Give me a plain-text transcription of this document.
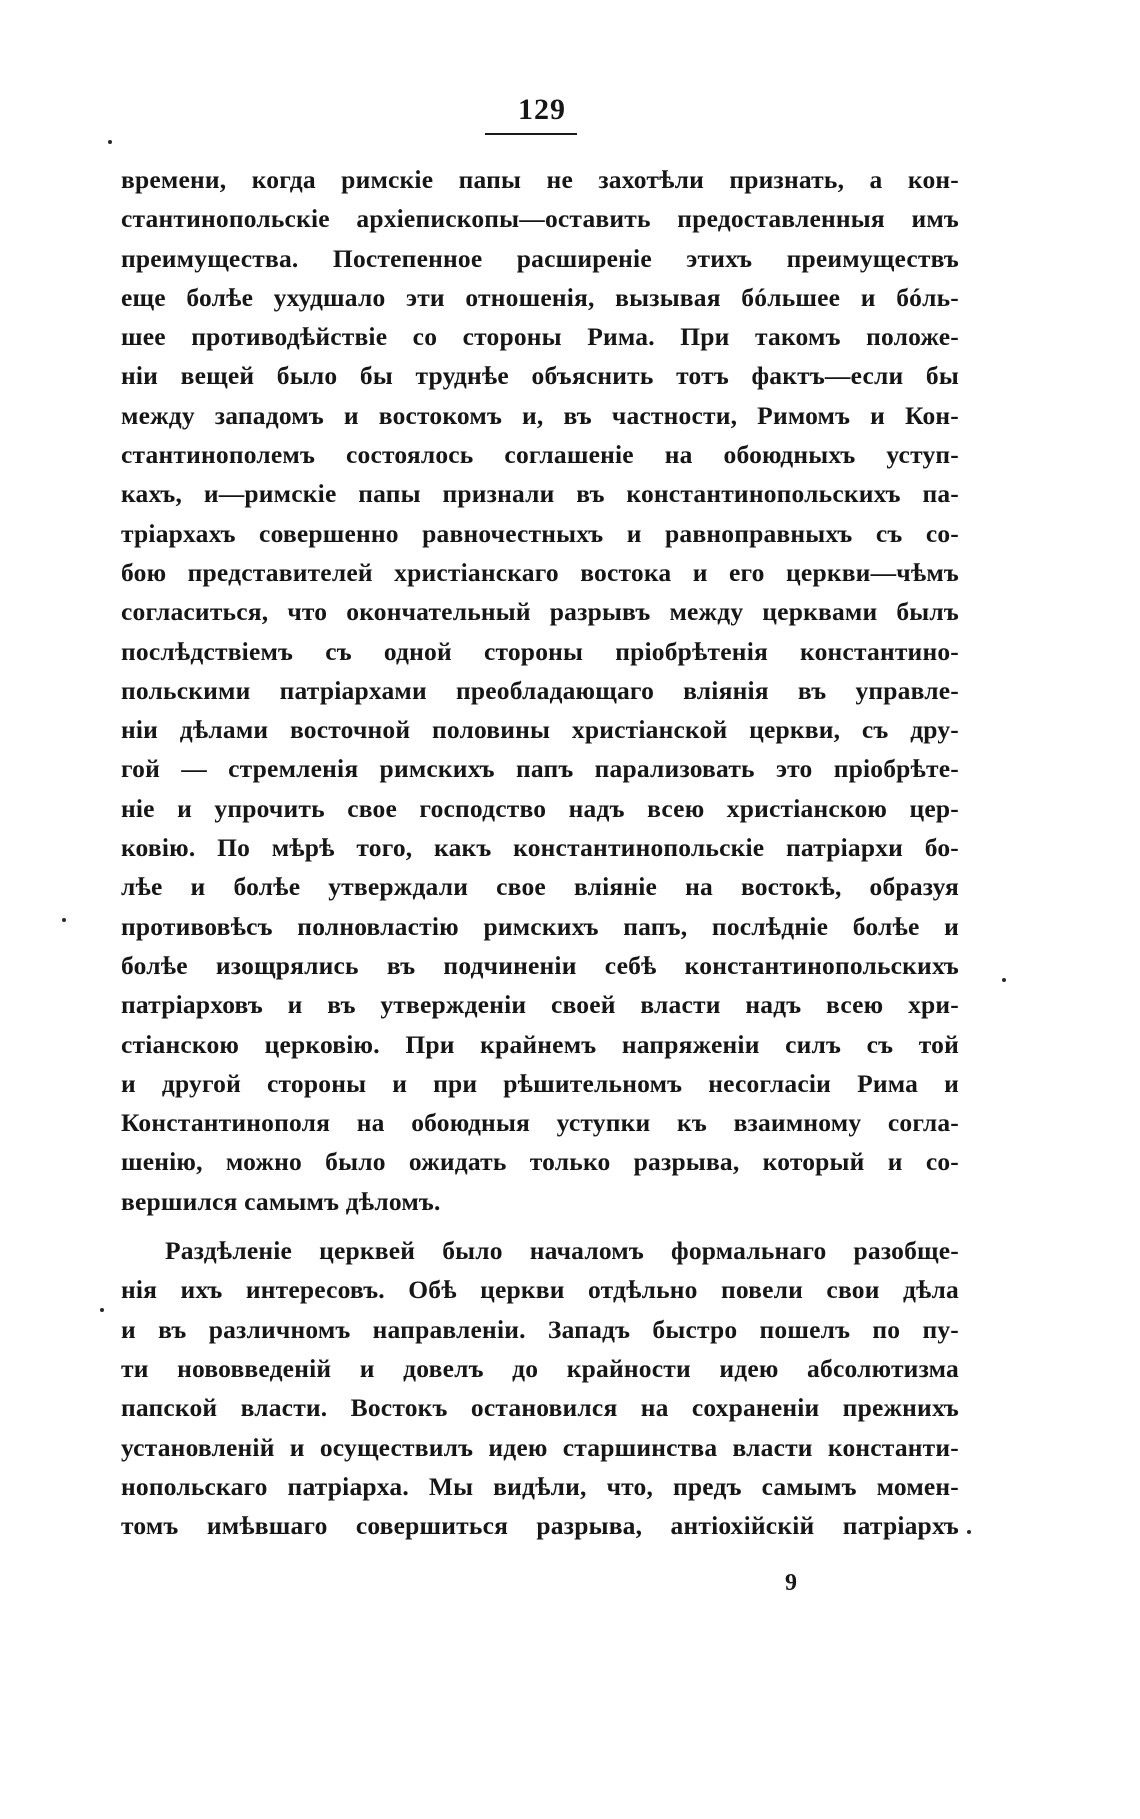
129
времени, когда римскіе папы не захотѣли признать, а кон-
стантинопольскіе архіепископы—оставить предоставленныя имъ
преимущества. Постепенное расширеніе этихъ преимуществъ
еще болѣе ухудшало эти отношенія, вызывая бóльшее и бóль-
шее противодѣйствіе со стороны Рима. При такомъ положе-
ніи вещей было бы труднѣе объяснить тотъ фактъ—если бы
между западомъ и востокомъ и, въ частности, Римомъ и Кон-
стантинополемъ состоялось соглашеніе на обоюдныхъ уступ-
кахъ, и—римскіе папы признали въ константинопольскихъ па-
тріархахъ совершенно равночестныхъ и равноправныхъ съ со-
бою представителей христіанскаго востока и его церкви—чѣмъ
согласиться, что окончательный разрывъ между церквами былъ
послѣдствіемъ съ одной стороны пріобрѣтенія константино-
польскими патріархами преобладающаго вліянія въ управле-
ніи дѣлами восточной половины христіанской церкви, съ дру-
гой — стремленія римскихъ папъ парализовать это пріобрѣте-
ніе и упрочить свое господство надъ всею христіанскою цер-
ковію. По мѣрѣ того, какъ константинопольскіе патріархи бо-
лѣе и болѣе утверждали свое вліяніе на востокѣ, образуя
противовѣсъ полновластію римскихъ папъ, послѣдніе болѣе и
болѣе изощрялись въ подчиненіи себѣ константинопольскихъ
патріарховъ и въ утвержденіи своей власти надъ всею хри-
стіанскою церковію. При крайнемъ напряженіи силъ съ той
и другой стороны и при рѣшительномъ несогласіи Рима и
Константинополя на обоюдныя уступки къ взаимному согла-
шенію, можно было ожидать только разрыва, который и со-
вершился самымъ дѣломъ.
Раздѣленіе церквей было началомъ формальнаго разобще-
нія ихъ интересовъ. Обѣ церкви отдѣльно повели свои дѣла
и въ различномъ направленіи. Западъ быстро пошелъ по пу-
ти нововведеній и довелъ до крайности идею абсолютизма
папской власти. Востокъ остановился на сохраненіи прежнихъ
установленій и осуществилъ идею старшинства власти константи-
нопольскаго патріарха. Мы видѣли, что, предъ самымъ момен-
томъ имѣвшаго совершиться разрыва, антіохійскій патріархъ
9
